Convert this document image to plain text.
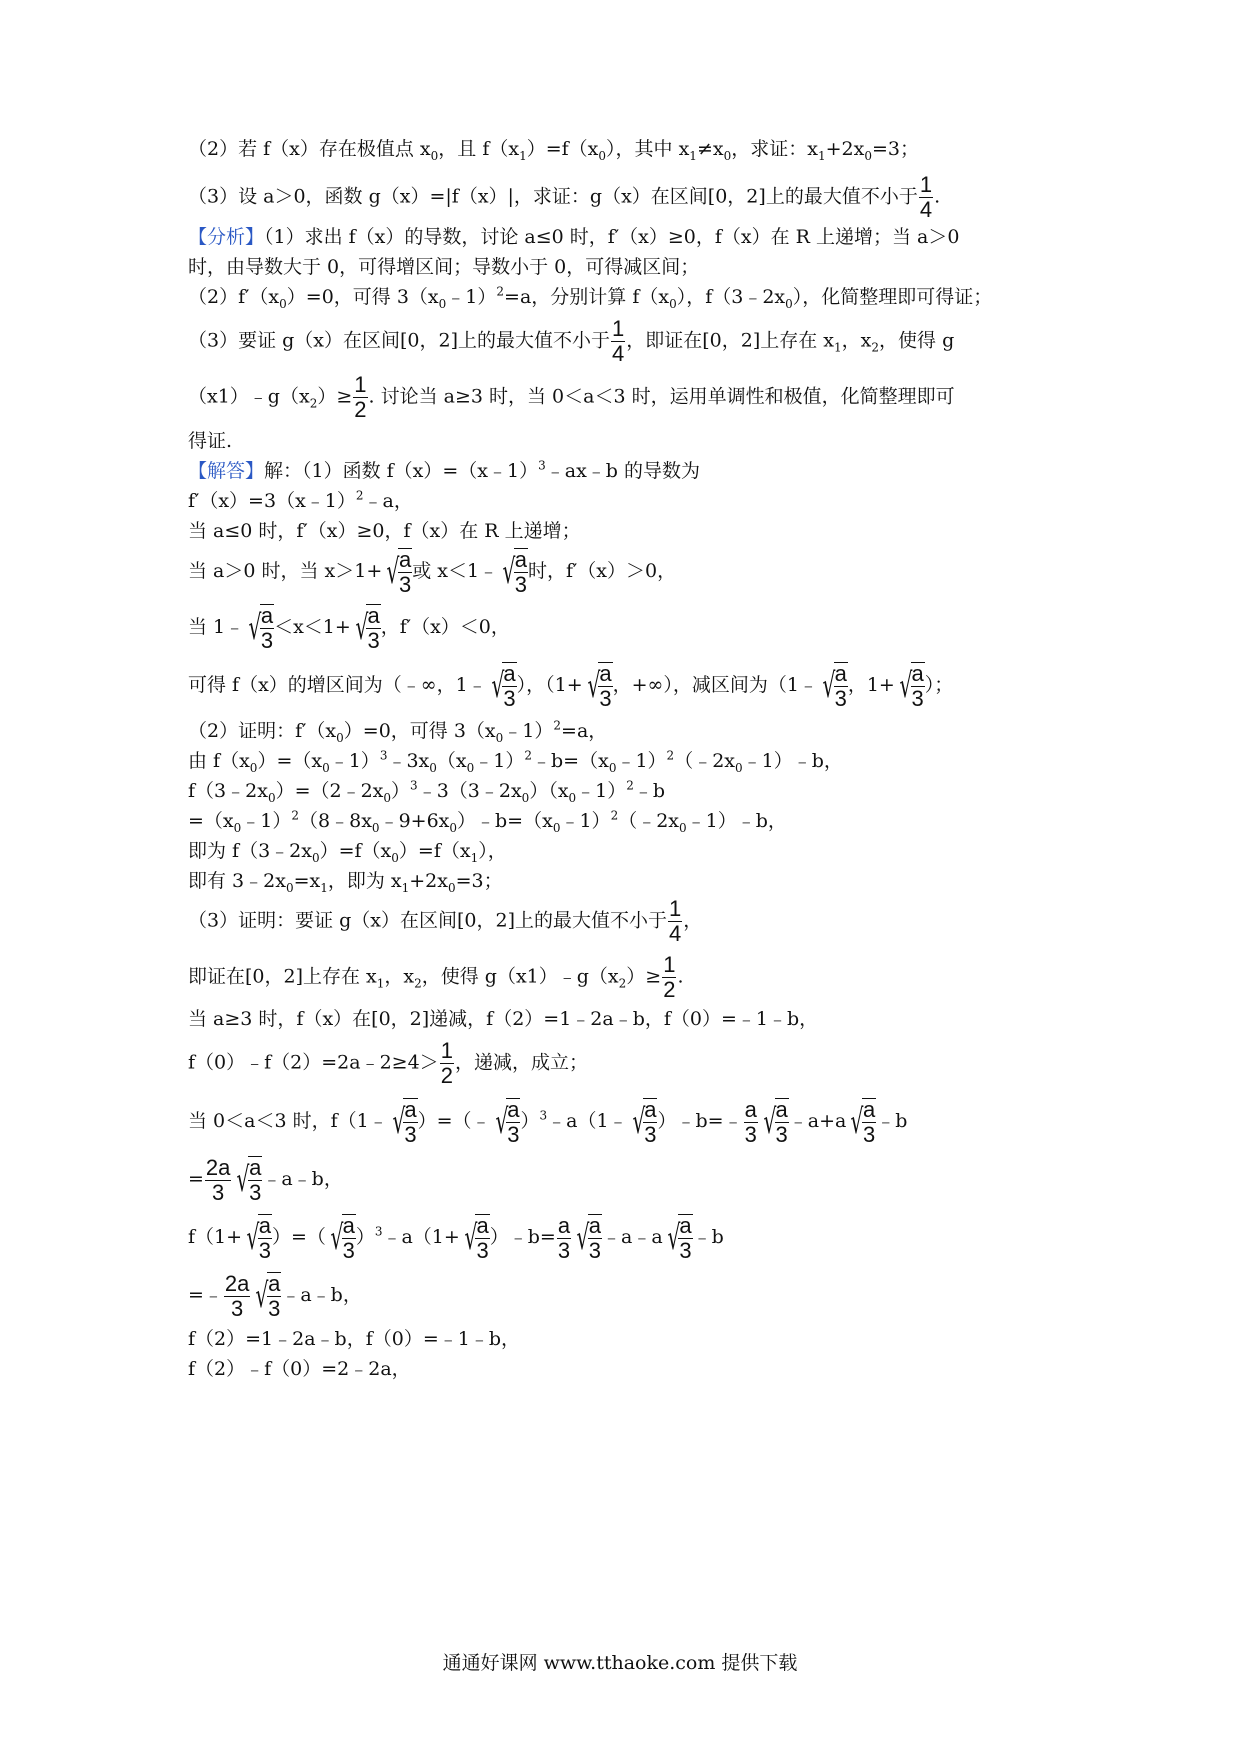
（2）若 f（x）存在极值点 $x_0$，且 $f(x_1)=f(x_0)$，其中 $x_1\ne x_0$，求证：$x_1+2x_0=3$；
（3）设 a＞0，函数 g（x）=|f（x）|，求证：g（x）在区间[0，2]上的最大值不小于 $\frac{1}{4}$ .
【分析】（1）求出 f（x）的导数，讨论 a≤0 时，f′（x）≥0，f（x）在 R 上递增；当 a＞0
时，由导数大于 0，可得增区间；导数小于 0，可得减区间；
$(2)f'(x_0)=0$，可得 $3(x_0﹣1)^2=a$，分别计算 $f(x_0)$，$f(3﹣2x_0)$，化简整理即可得证；
（3）要证 g（x）在区间[0，2]上的最大值不小于 $\frac{1}{4}$ ，即证在[0，2]上存在 $x_1$，$x_2$，使得 g
$(x1)﹣g(x_2)\ge \frac{1}{2}$ . 讨论当 a≥3 时，当 0＜a＜3 时，运用单调性和极值，化简整理即可
得证.
【解答】解：（1）函数 f（x）=（x﹣1）$^3$﹣ax﹣b 的导数为
f′（x）=3（x﹣1）$^2$﹣a，
当 a≤0 时，f′（x）≥0，f（x）在 R 上递增；
当 a＞0 时，当 x＞1+ √
$\frac{a}{3}$ 或 x＜1﹣ √
$\frac{a}{3}$ 时，f′（x）＞0，
当 1﹣ √
$\frac{a}{3} <x<1+$ √
$\frac{a}{3}$ ，f′（x）＜0，
可得 f（x）的增区间为（﹣∞，1﹣ √
$\frac{a}{3}$ ），（1+ √
$\frac{a}{3}$ ，+∞），减区间为（1﹣ √
$\frac{a}{3}$ ，1+ √
$\frac{a}{3}$ ）；
（2）证明：$f'(x_0)=0$，可得 $3(x_0﹣1)^2=a$，
由 $f(x_0)=(x_0﹣1)^3﹣3x_0(x_0﹣1)^2﹣b=(x_0﹣1)^2(﹣2x_0﹣1)﹣b$，
$f(3﹣2x_0)=(2﹣2x_0)^3﹣3(3﹣2x_0)(x_0﹣1)^2﹣b$
$=(x_0﹣1)^2(8﹣8x_0﹣9+6x_0)﹣b=(x_0﹣1)^2(﹣2x_0﹣1)﹣b$，
即为 $f(3﹣2x_0)=f(x_0)=f(x_1)$，
即有 $3﹣2x_0=x_1$，即为 $x_1+2x_0=3$；
（3）证明：要证 g（x）在区间[0，2]上的最大值不小于 $\frac{1}{4}$ ，
即证在[0，2]上存在 $x_1$，$x_2$，使得 $g(x1)﹣g(x_2)\ge \frac{1}{2}$ .
当 a≥3 时，f（x）在[0，2]递减，f（2）=1﹣2a﹣b，f（0）=﹣1﹣b，
f（0）﹣f（2）=2a﹣2≥4＞ $\frac{1}{2}$ ，递减，成立；
当 0＜a＜3 时，f（1﹣ √
$\frac{a}{3}$ ）=（﹣ √
$\frac{a}{3}$ ）$^3$﹣a（1﹣ √
$\frac{a}{3}$ ）﹣b=﹣ $\frac{a}{3}$ √
$\frac{a}{3}$ ﹣a+a √
$\frac{a}{3}$ ﹣b
= $\frac{2a}{3}$ √
$\frac{a}{3}$ ﹣a﹣b，
f（1+ √
$\frac{a}{3}$ ）=（ √
$\frac{a}{3}$ ）$^3$﹣a（1+ √
$\frac{a}{3}$ ）﹣b= $\frac{a}{3}$ √
$\frac{a}{3}$ ﹣a﹣a √
$\frac{a}{3}$ ﹣b
=﹣ $\frac{2a}{3}$ √
$\frac{a}{3}$ ﹣a﹣b，
f（2）=1﹣2a﹣b，f（0）=﹣1﹣b，
f（2）﹣f（0）=2﹣2a，
通通好课网 www.tthaoke.com 提供下载
